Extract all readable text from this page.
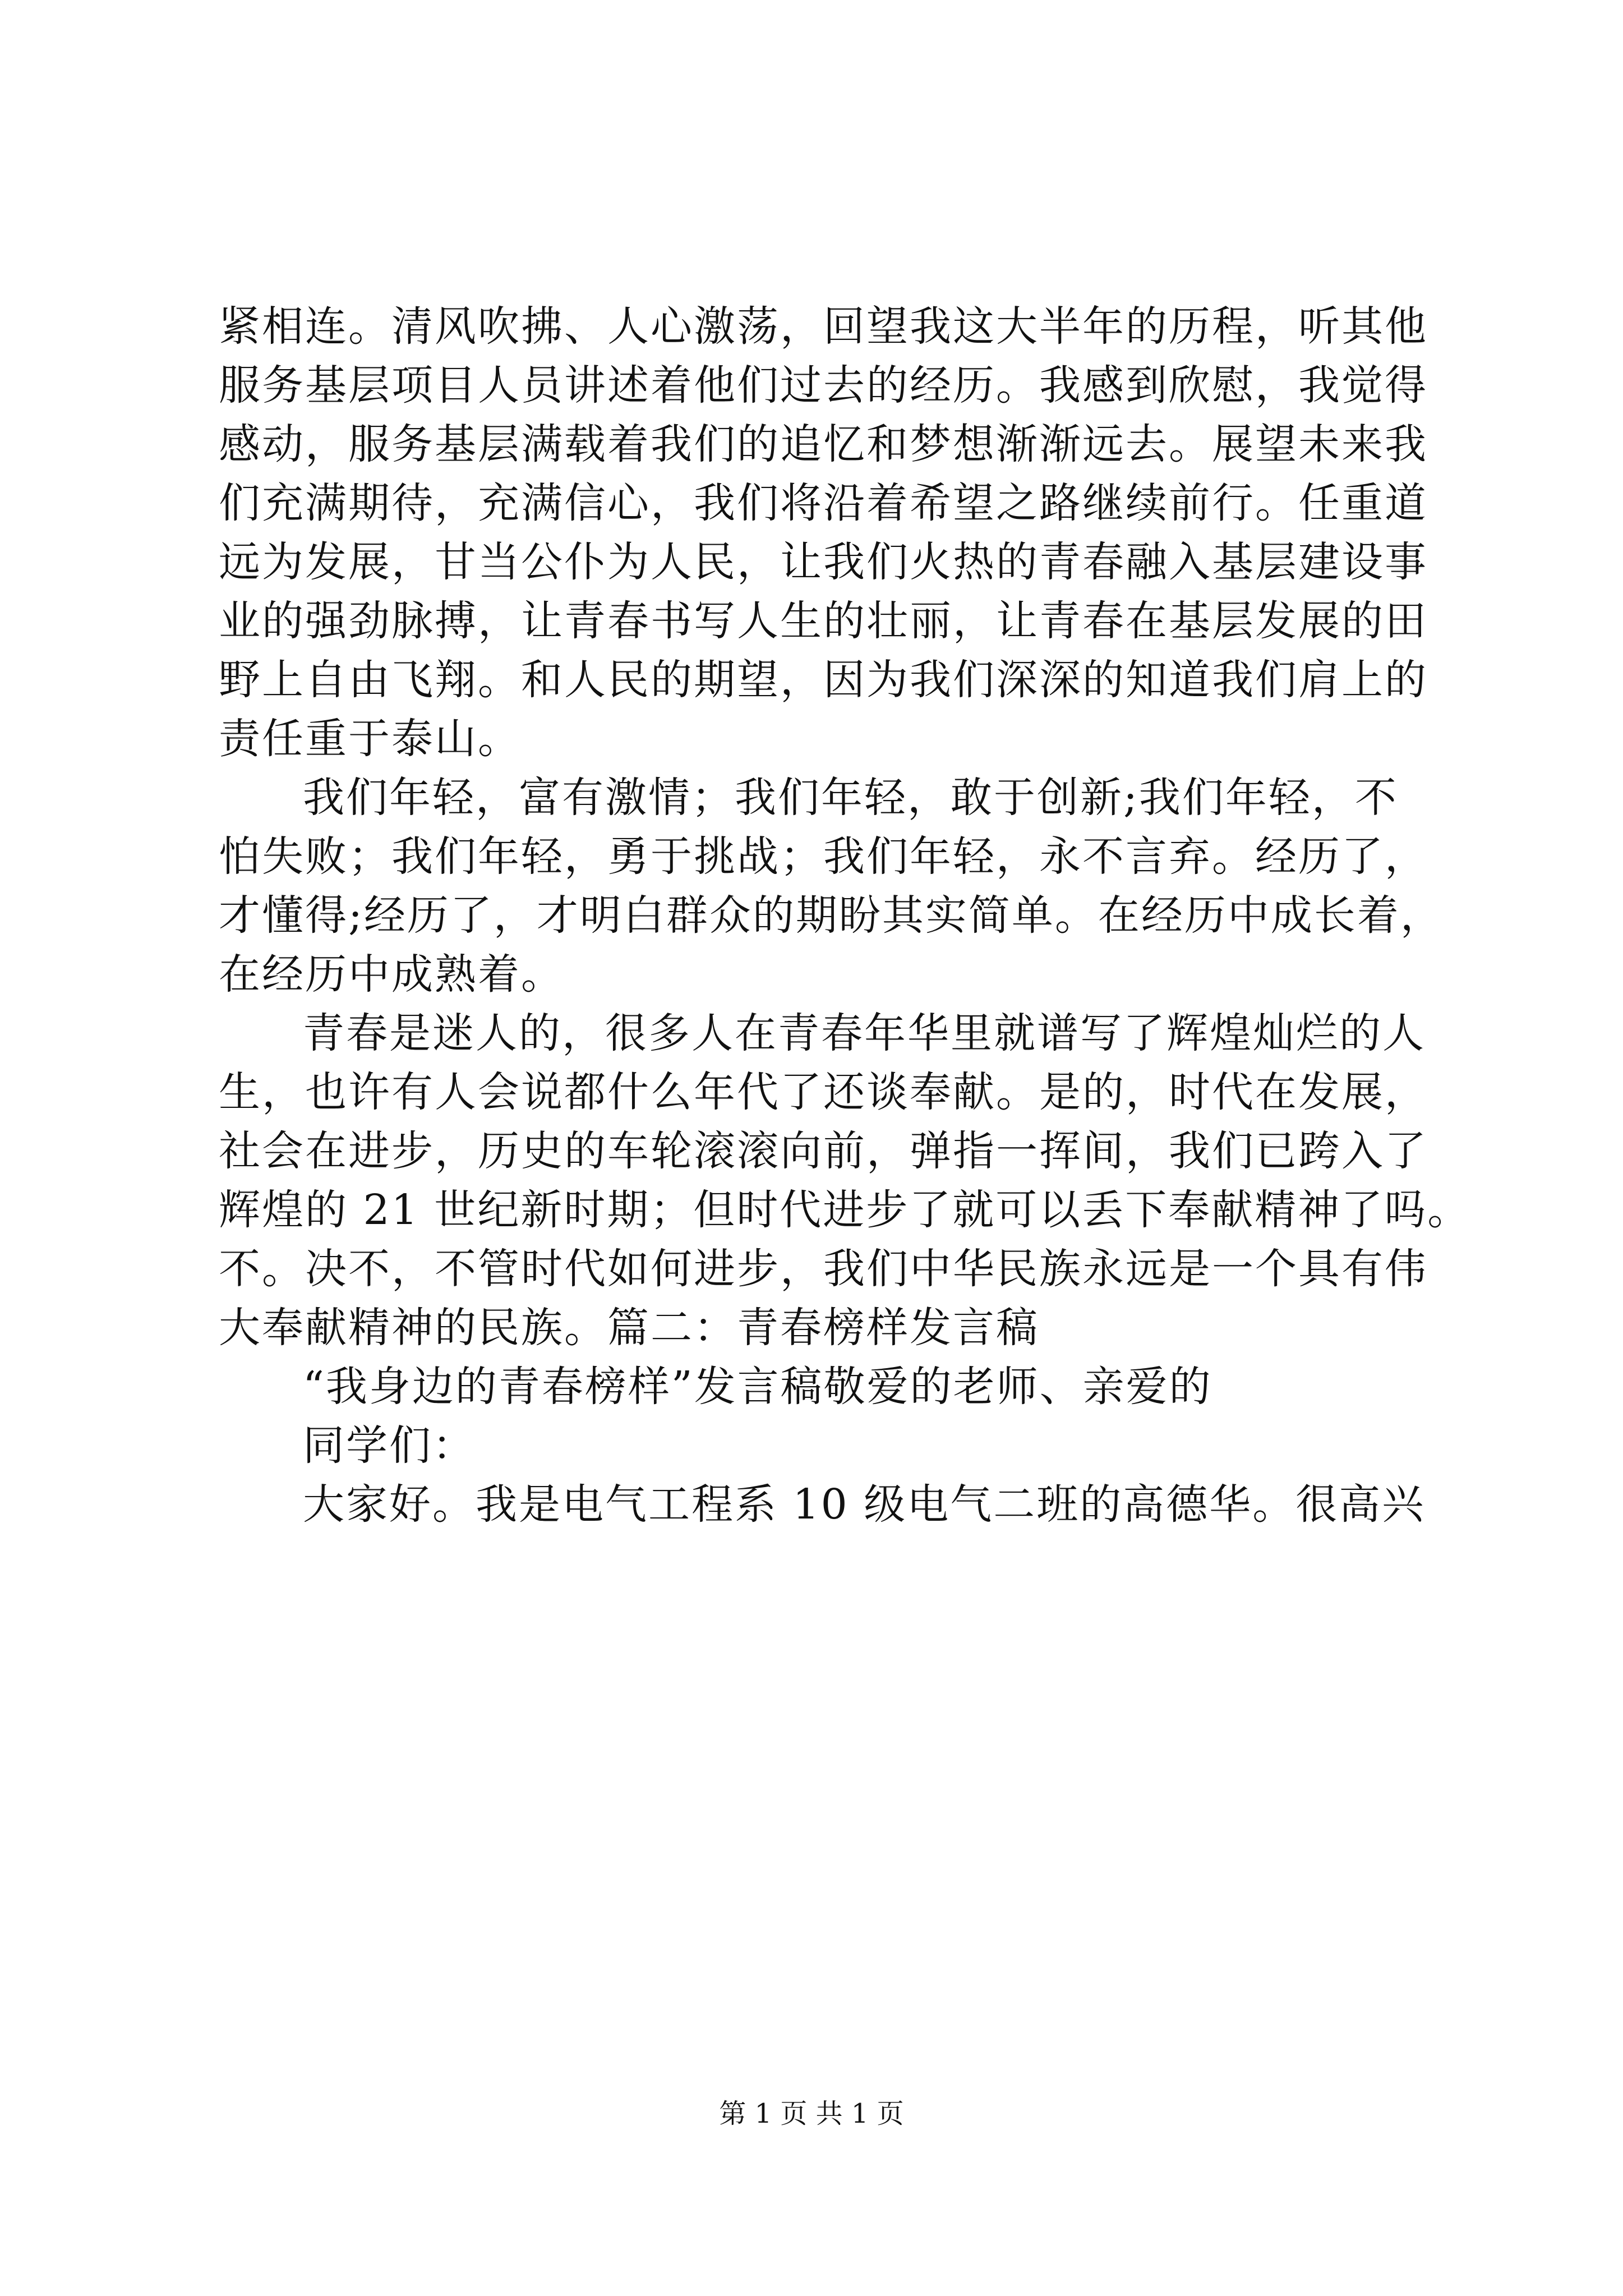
紧相连。清风吹拂、人心激荡，回望我这大半年的历程，听其他
服务基层项目人员讲述着他们过去的经历。我感到欣慰，我觉得
感动，服务基层满载着我们的追忆和梦想渐渐远去。展望未来我
们充满期待，充满信心，我们将沿着希望之路继续前行。任重道
远为发展，甘当公仆为人民，让我们火热的青春融入基层建设事
业的强劲脉搏，让青春书写人生的壮丽，让青春在基层发展的田
野上自由飞翔。和人民的期望，因为我们深深的知道我们肩上的
责任重于泰山。
我们年轻，富有激情；我们年轻，敢于创新;我们年轻，不
怕失败；我们年轻，勇于挑战；我们年轻，永不言弃。经历了，
才懂得;经历了，才明白群众的期盼其实简单。在经历中成长着，
在经历中成熟着。
青春是迷人的，很多人在青春年华里就谱写了辉煌灿烂的人
生，也许有人会说都什么年代了还谈奉献。是的，时代在发展，
社会在进步，历史的车轮滚滚向前，弹指一挥间，我们已跨入了
辉煌的 21 世纪新时期；但时代进步了就可以丢下奉献精神了吗。
不。决不，不管时代如何进步，我们中华民族永远是一个具有伟
大奉献精神的民族。篇二：青春榜样发言稿
“我身边的青春榜样”发言稿敬爱的老师、亲爱的
同学们：
大家好。我是电气工程系 10 级电气二班的高德华。很高兴
第 1 页 共 1 页
